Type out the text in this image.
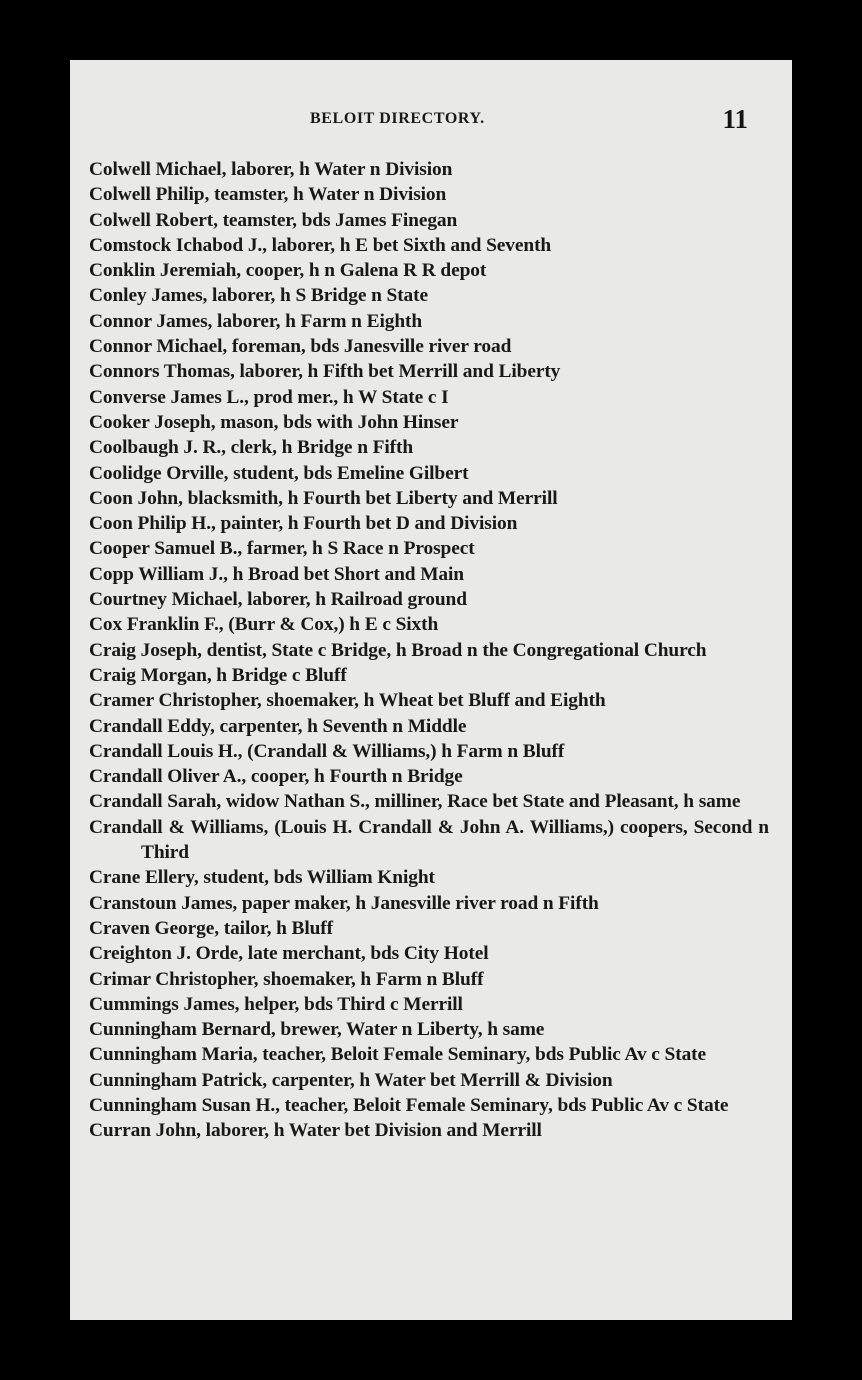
BELOIT DIRECTORY.	11

Colwell Michael, laborer, h Water n Division

Colwell Philip, teamster, h Water n Division

Colwell Robert, teamster, bds James Finegan

Comstock Ichabod J., laborer, h E bet Sixth and Seventh

Conklin Jeremiah, cooper, h n Galena R R depot

Conley James, laborer, h S Bridge n State

Connor James, laborer, h Farm n Eighth

Connor Michael, foreman, bds Janesville river road

Connors Thomas, laborer, h Fifth bet Merrill and Liberty

Converse James L., prod mer., h W State c I

Cooker Joseph, mason, bds with John Hinser

Coolbaugh J. R., clerk, h Bridge n Fifth

Coolidge Orville, student, bds Emeline Gilbert

Coon John, blacksmith, h Fourth bet Liberty and Merrill

Coon Philip H., painter, h Fourth bet D and Division

Cooper Samuel B., farmer, h S Race n Prospect

Copp William J., h Broad bet Short and Main

Courtney Michael, laborer, h Railroad ground

Cox Franklin F., (Burr & Cox,) h E c Sixth

Craig Joseph, dentist, State c Bridge, h Broad n the Congregational Church

Craig Morgan, h Bridge c Bluff

Cramer Christopher, shoemaker, h Wheat bet Bluff and Eighth

Crandall Eddy, carpenter, h Seventh n Middle

Crandall Louis H., (Crandall & Williams,) h Farm n Bluff

Crandall Oliver A., cooper, h Fourth n Bridge

Crandall Sarah, widow Nathan S., milliner, Race bet State and Pleasant, h same

Crandall & Williams, (Louis H. Crandall & John A. Williams,) coopers, Second n Third

Crane Ellery, student, bds William Knight

Cranstoun James, paper maker, h Janesville river road n Fifth

Craven George, tailor, h Bluff

Creighton J. Orde, late merchant, bds City Hotel

Crimar Christopher, shoemaker, h Farm n Bluff

Cummings James, helper, bds Third c Merrill

Cunningham Bernard, brewer, Water n Liberty, h same

Cunningham Maria, teacher, Beloit Female Seminary, bds Public Av c State

Cunningham Patrick, carpenter, h Water bet Merrill & Division

Cunningham Susan H., teacher, Beloit Female Seminary, bds Public Av c State

Curran John, laborer, h Water bet Division and Merrill
